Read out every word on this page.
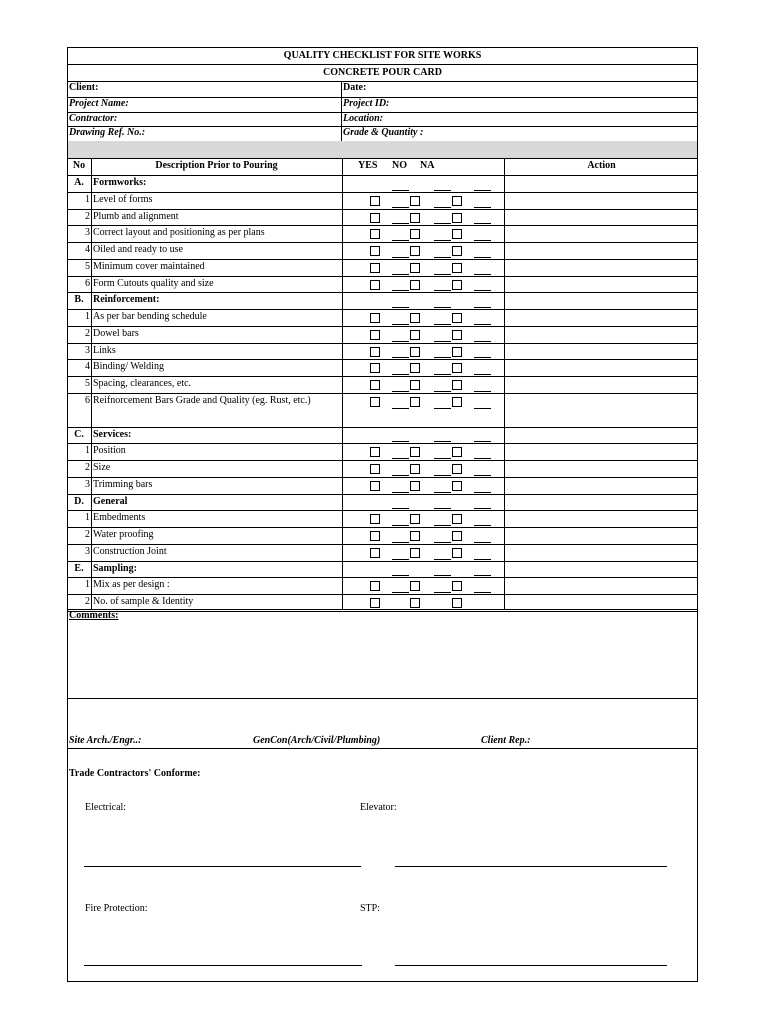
QUALITY CHECKLIST FOR SITE WORKS
CONCRETE POUR CARD
Client:	Date:
Project Name:	Project ID:
Contractor:	Location:
Drawing Ref. No.:	Grade & Quantity :
No	Description Prior to Pouring	YES NO NA	Action
A. Formworks:
1 Level of forms
2 Plumb and alignment
3 Correct layout and positioning as per plans
4 Oiled and ready to use
5 Minimum cover maintained
6 Form Cutouts quality and size
B. Reinforcement:
1 As per bar bending schedule
2 Dowel bars
3 Links
4 Binding/ Welding
5 Spacing, clearances, etc.
6 Reifnorcement Bars Grade and Quality (eg. Rust, etc.)
C. Services:
1 Position
2 Size
3 Trimming bars
D. General
1 Embedments
2 Water proofing
3 Construction Joint
E. Sampling:
1 Mix as per design :
2 No. of sample & Identity
Comments:
Site Arch./Engr..:	GenCon(Arch/Civil/Plumbing)	Client Rep.:
Trade Contractors' Conforme:
Electrical:	Elevator:
Fire Protection:	STP:
